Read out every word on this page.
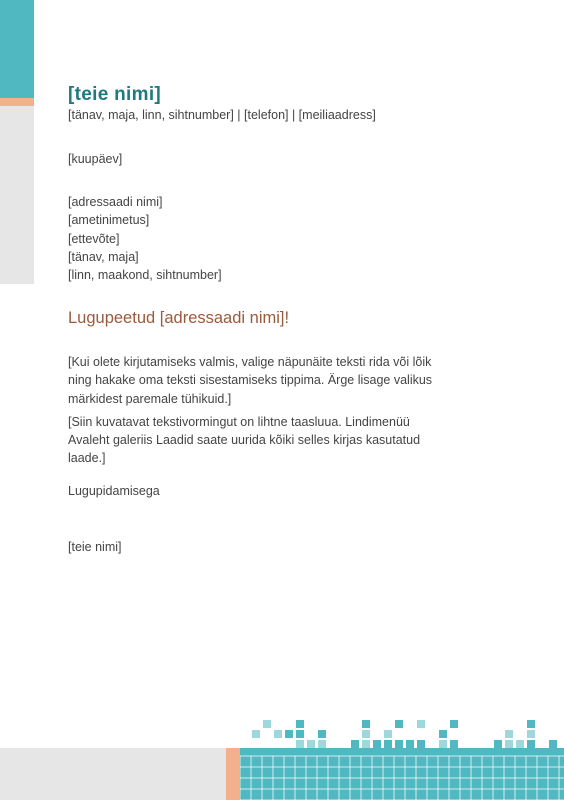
[teie nimi]

[tänav, maja, linn, sihtnumber] | [telefon] | [meiliaadress]

[kuupäev]
[adressaadi nimi]
[ametinimetus]
[ettevõte]
[tänav, maja]
[linn, maakond, sihtnumber]
Lugupeetud [adressaadi nimi]!

[Kui olete kirjutamiseks valmis, valige näpunäite teksti rida või lõik ning hakake oma teksti sisestamiseks tippima. Ärge lisage valikus märkidest paremale tühikuid.]

[Siin kuvatavat tekstivormingut on lihtne taasluua. Lindimenüü Avaleht galeriis Laadid saate uurida kõiki selles kirjas kasutatud laade.]

Lugupidamisega
[teie nimi]
